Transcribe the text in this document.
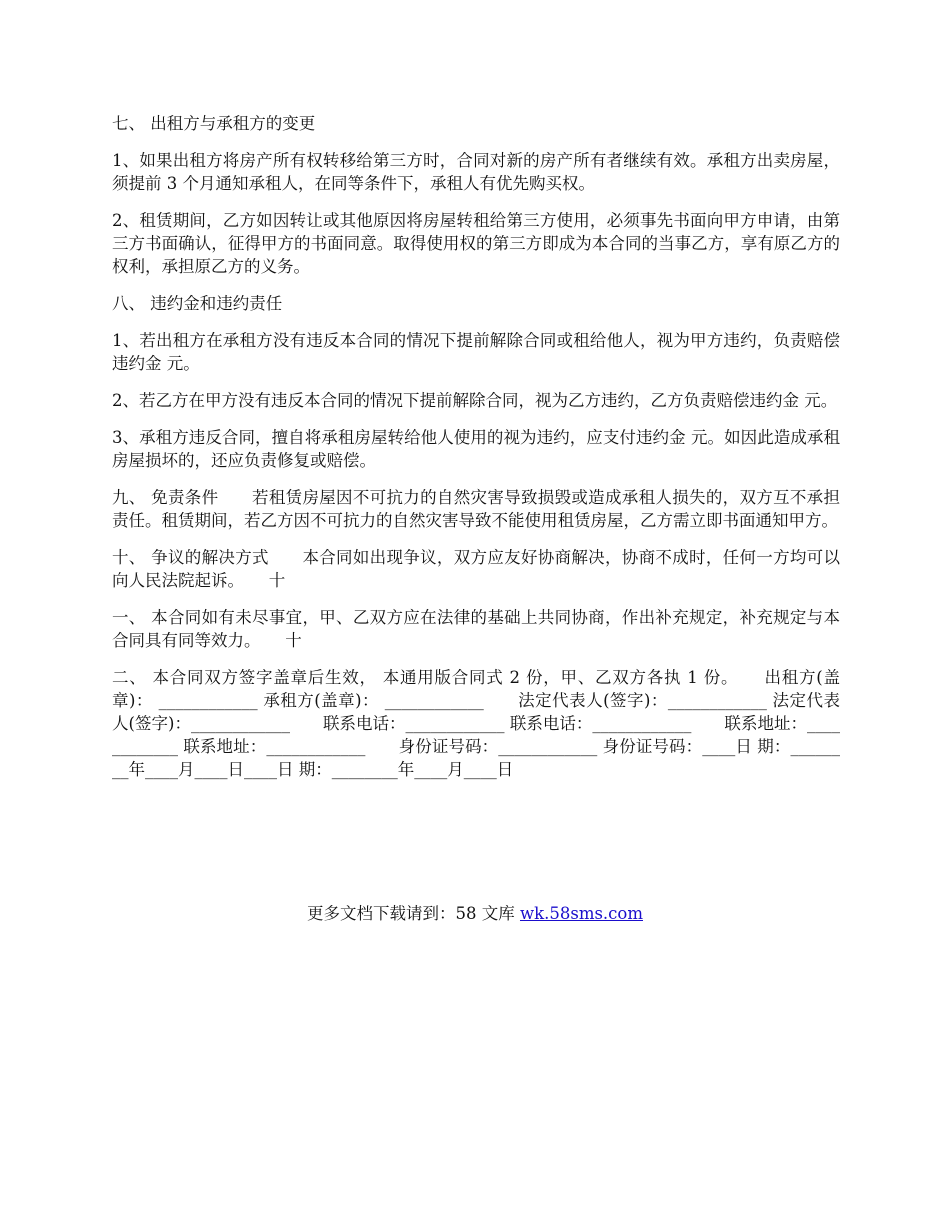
七、 出租方与承租方的变更

1、如果出租方将房产所有权转移给第三方时，合同对新的房产所有者继续有效。承租方出卖房屋，须提前 3 个月通知承租人，在同等条件下，承租人有优先购买权。

2、租赁期间，乙方如因转让或其他原因将房屋转租给第三方使用，必须事先书面向甲方申请，由第三方书面确认，征得甲方的书面同意。取得使用权的第三方即成为本合同的当事乙方，享有原乙方的权利，承担原乙方的义务。

八、 违约金和违约责任

1、若出租方在承租方没有违反本合同的情况下提前解除合同或租给他人，视为甲方违约，负责赔偿违约金 元。

2、若乙方在甲方没有违反本合同的情况下提前解除合同，视为乙方违约，乙方负责赔偿违约金 元。

3、承租方违反合同，擅自将承租房屋转给他人使用的视为违约，应支付违约金 元。如因此造成承租房屋损坏的，还应负责修复或赔偿。

九、 免责条件　　若租赁房屋因不可抗力的自然灾害导致损毁或造成承租人损失的，双方互不承担责任。租赁期间，若乙方因不可抗力的自然灾害导致不能使用租赁房屋，乙方需立即书面通知甲方。

十、 争议的解决方式　　本合同如出现争议，双方应友好协商解决，协商不成时，任何一方均可以向人民法院起诉。　　十

一、 本合同如有未尽事宜，甲、乙双方应在法律的基础上共同协商，作出补充规定，补充规定与本合同具有同等效力。　　十

二、 本合同双方签字盖章后生效， 本通用版合同式 2 份，甲、乙双方各执 1 份。　　出租方(盖章)： ____________ 承租方(盖章)： ____________　　法定代表人(签字)：____________ 法定代表人(签字)：____________　　联系电话：____________ 联系电话：____________　　联系地址：____________ 联系地址：____________　　身份证号码：____________ 身份证号码：____日 期：________年____月____日____日 期：________年____月____日

更多文档下载请到：58 文库 wk.58sms.com
